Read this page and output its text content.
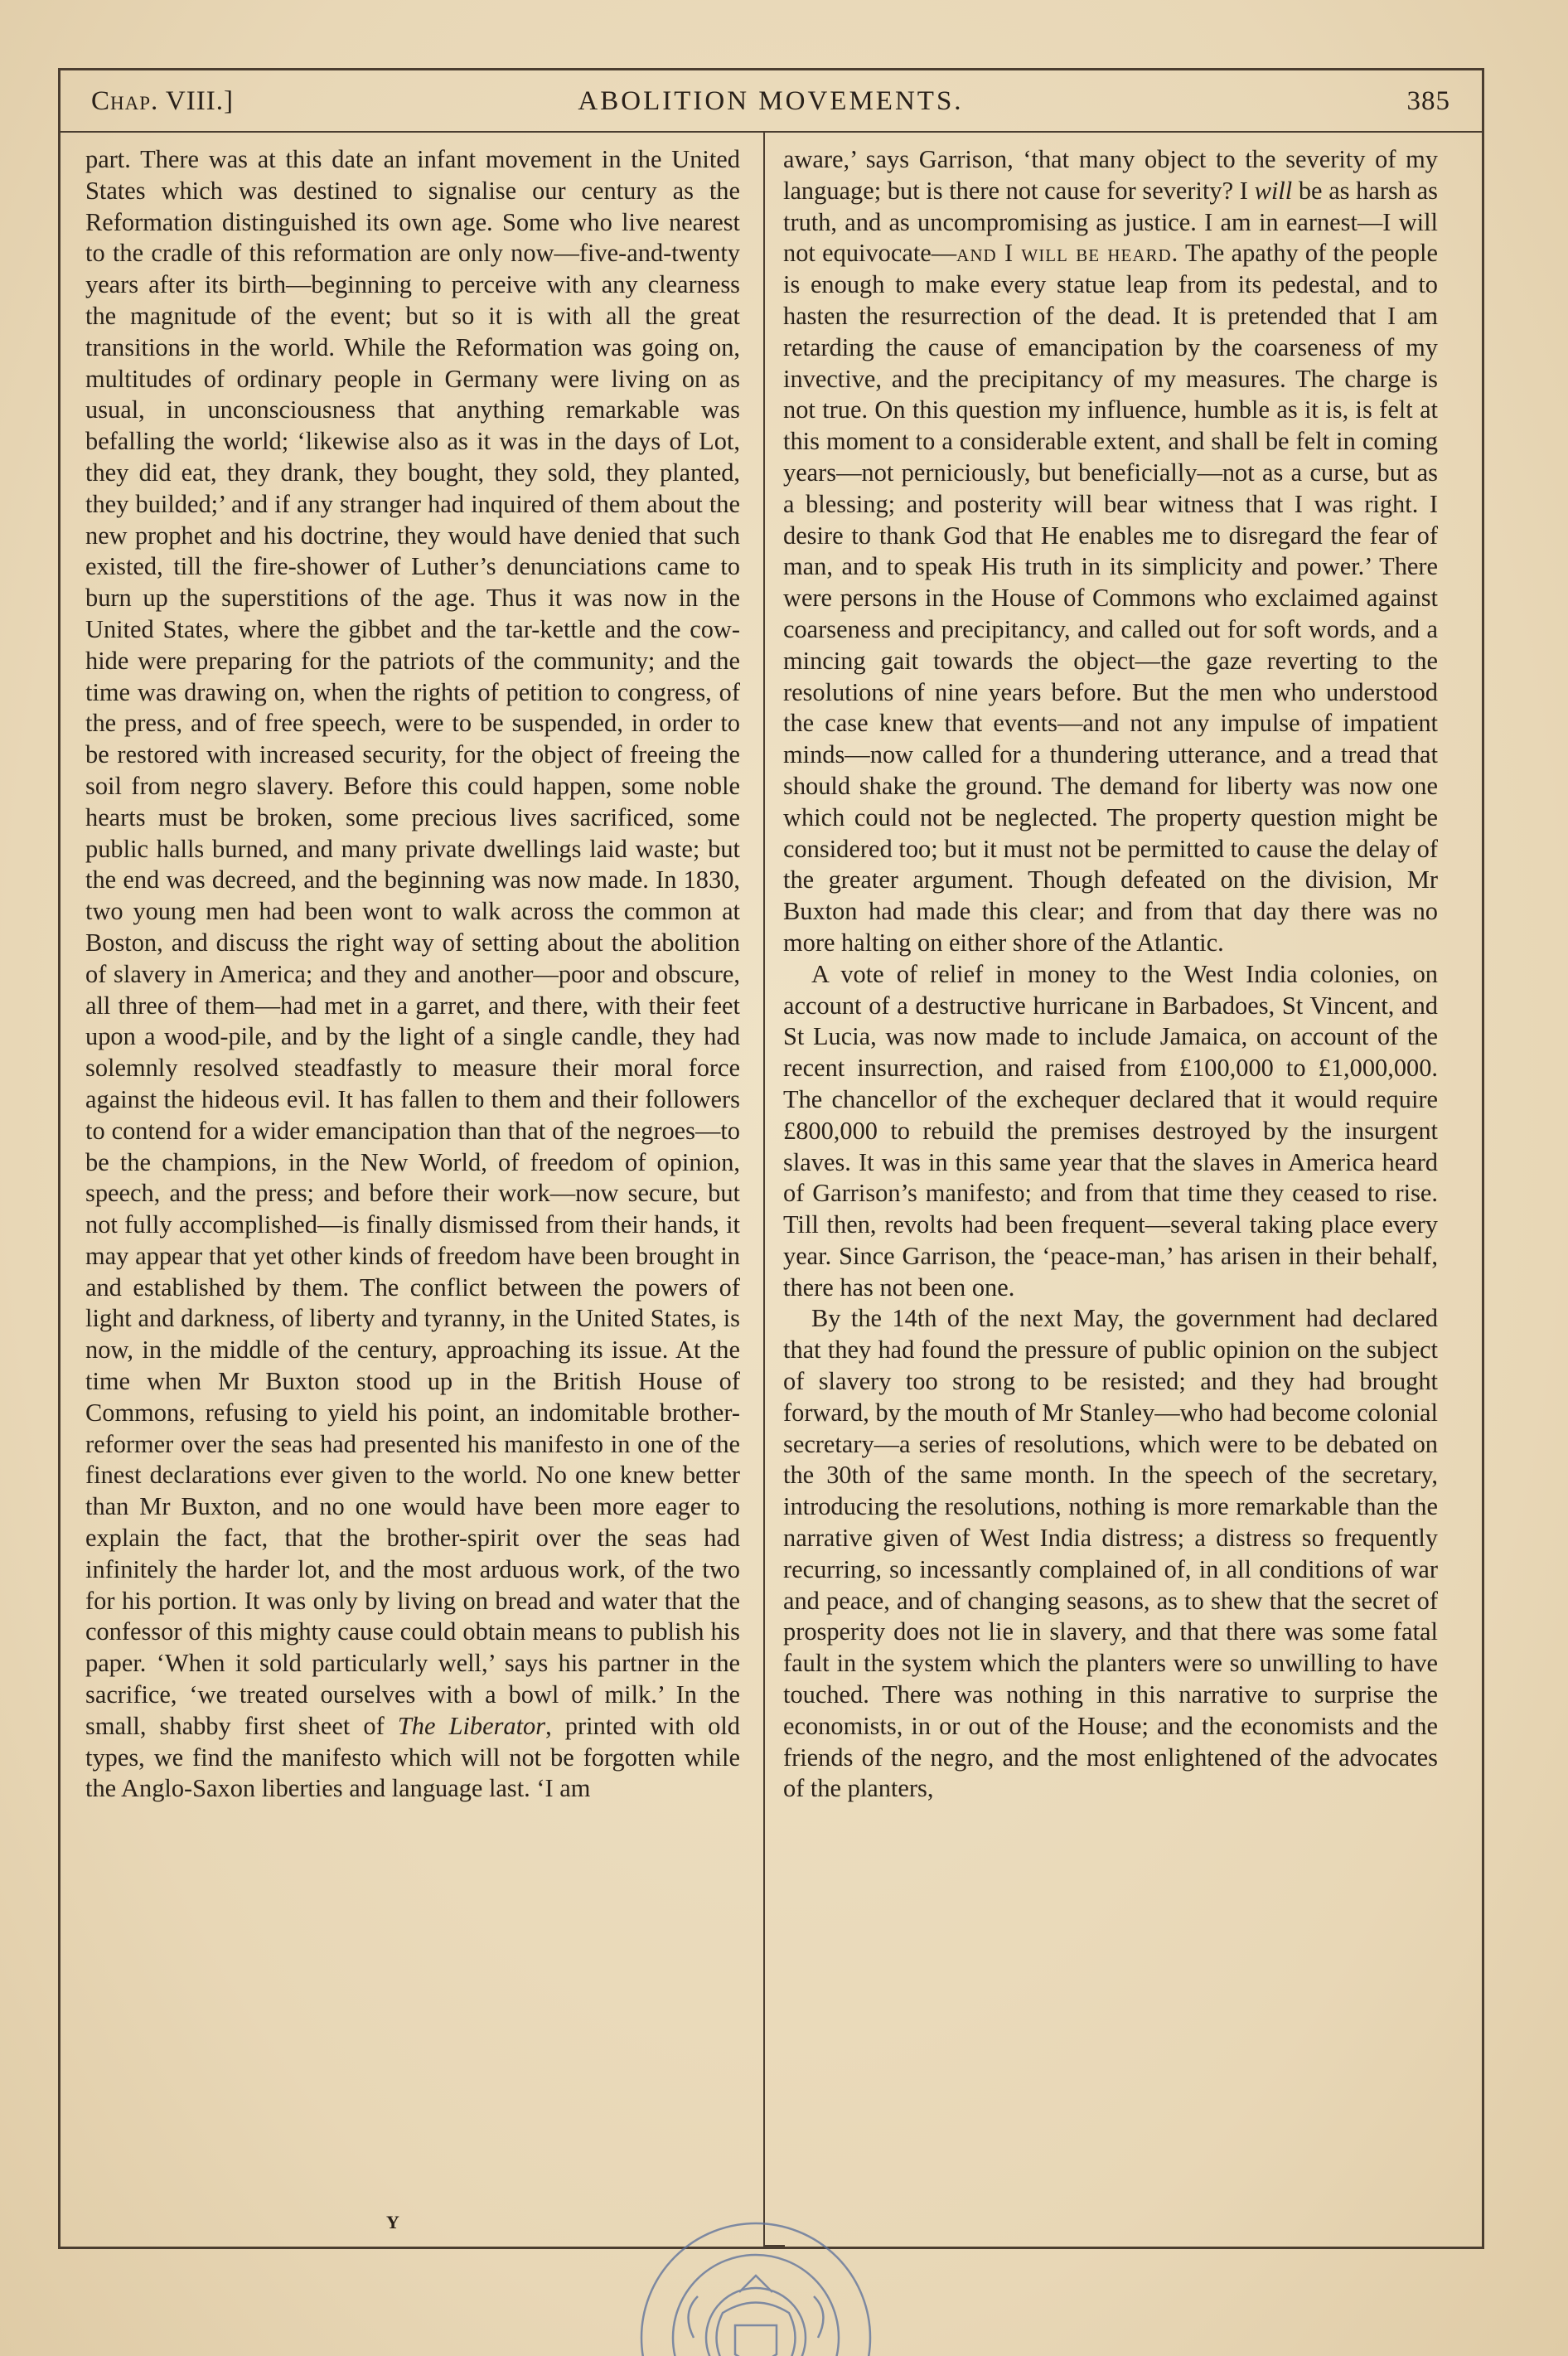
Chap. VIII.]	ABOLITION MOVEMENTS.	385

part. There was at this date an infant movement in the United States which was destined to signalise our century as the Reformation distinguished its own age. Some who live nearest to the cradle of this reformation are only now—five-and-twenty years after its birth—beginning to perceive with any clearness the magnitude of the event; but so it is with all the great transitions in the world. While the Reformation was going on, multitudes of ordinary people in Germany were living on as usual, in unconsciousness that anything remarkable was befalling the world; ‘likewise also as it was in the days of Lot, they did eat, they drank, they bought, they sold, they planted, they builded;’ and if any stranger had inquired of them about the new prophet and his doctrine, they would have denied that such existed, till the fire-shower of Luther’s denunciations came to burn up the superstitions of the age. Thus it was now in the United States, where the gibbet and the tar-kettle and the cow-hide were preparing for the patriots of the community; and the time was drawing on, when the rights of petition to congress, of the press, and of free speech, were to be suspended, in order to be restored with increased security, for the object of freeing the soil from negro slavery. Before this could happen, some noble hearts must be broken, some precious lives sacrificed, some public halls burned, and many private dwellings laid waste; but the end was decreed, and the beginning was now made. In 1830, two young men had been wont to walk across the common at Boston, and discuss the right way of setting about the abolition of slavery in America; and they and another—poor and obscure, all three of them—had met in a garret, and there, with their feet upon a wood-pile, and by the light of a single candle, they had solemnly resolved steadfastly to measure their moral force against the hideous evil. It has fallen to them and their followers to contend for a wider emancipation than that of the negroes—to be the champions, in the New World, of freedom of opinion, speech, and the press; and before their work—now secure, but not fully accomplished—is finally dismissed from their hands, it may appear that yet other kinds of freedom have been brought in and established by them. The conflict between the powers of light and darkness, of liberty and tyranny, in the United States, is now, in the middle of the century, approaching its issue. At the time when Mr Buxton stood up in the British House of Commons, refusing to yield his point, an indomitable brother-reformer over the seas had presented his manifesto in one of the finest declarations ever given to the world. No one knew better than Mr Buxton, and no one would have been more eager to explain the fact, that the brother-spirit over the seas had infinitely the harder lot, and the most arduous work, of the two for his portion. It was only by living on bread and water that the confessor of this mighty cause could obtain means to publish his paper. ‘When it sold particularly well,’ says his partner in the sacrifice, ‘we treated ourselves with a bowl of milk.’ In the small, shabby first sheet of The Liberator, printed with old types, we find the manifesto which will not be forgotten while the Anglo-Saxon liberties and language last. ‘I am

aware,’ says Garrison, ‘that many object to the severity of my language; but is there not cause for severity? I will be as harsh as truth, and as uncompromising as justice. I am in earnest—I will not equivocate—and I will be heard. The apathy of the people is enough to make every statue leap from its pedestal, and to hasten the resurrection of the dead. It is pretended that I am retarding the cause of emancipation by the coarseness of my invective, and the precipitancy of my measures. The charge is not true. On this question my influence, humble as it is, is felt at this moment to a considerable extent, and shall be felt in coming years—not perniciously, but beneficially—not as a curse, but as a blessing; and posterity will bear witness that I was right. I desire to thank God that He enables me to disregard the fear of man, and to speak His truth in its simplicity and power.’ There were persons in the House of Commons who exclaimed against coarseness and precipitancy, and called out for soft words, and a mincing gait towards the object—the gaze reverting to the resolutions of nine years before. But the men who understood the case knew that events—and not any impulse of impatient minds—now called for a thundering utterance, and a tread that should shake the ground. The demand for liberty was now one which could not be neglected. The property question might be considered too; but it must not be permitted to cause the delay of the greater argument. Though defeated on the division, Mr Buxton had made this clear; and from that day there was no more halting on either shore of the Atlantic.

A vote of relief in money to the West India colonies, on account of a destructive hurricane in Barbadoes, St Vincent, and St Lucia, was now made to include Jamaica, on account of the recent insurrection, and raised from £100,000 to £1,000,000. The chancellor of the exchequer declared that it would require £800,000 to rebuild the premises destroyed by the insurgent slaves. It was in this same year that the slaves in America heard of Garrison’s manifesto; and from that time they ceased to rise. Till then, revolts had been frequent—several taking place every year. Since Garrison, the ‘peace-man,’ has arisen in their behalf, there has not been one.

By the 14th of the next May, the government had declared that they had found the pressure of public opinion on the subject of slavery too strong to be resisted; and they had brought forward, by the mouth of Mr Stanley—who had become colonial secretary—a series of resolutions, which were to be debated on the 30th of the same month. In the speech of the secretary, introducing the resolutions, nothing is more remarkable than the narrative given of West India distress; a distress so frequently recurring, so incessantly complained of, in all conditions of war and peace, and of changing seasons, as to shew that the secret of prosperity does not lie in slavery, and that there was some fatal fault in the system which the planters were so unwilling to have touched. There was nothing in this narrative to surprise the economists, in or out of the House; and the economists and the friends of the negro, and the most enlightened of the advocates of the planters,

Y
